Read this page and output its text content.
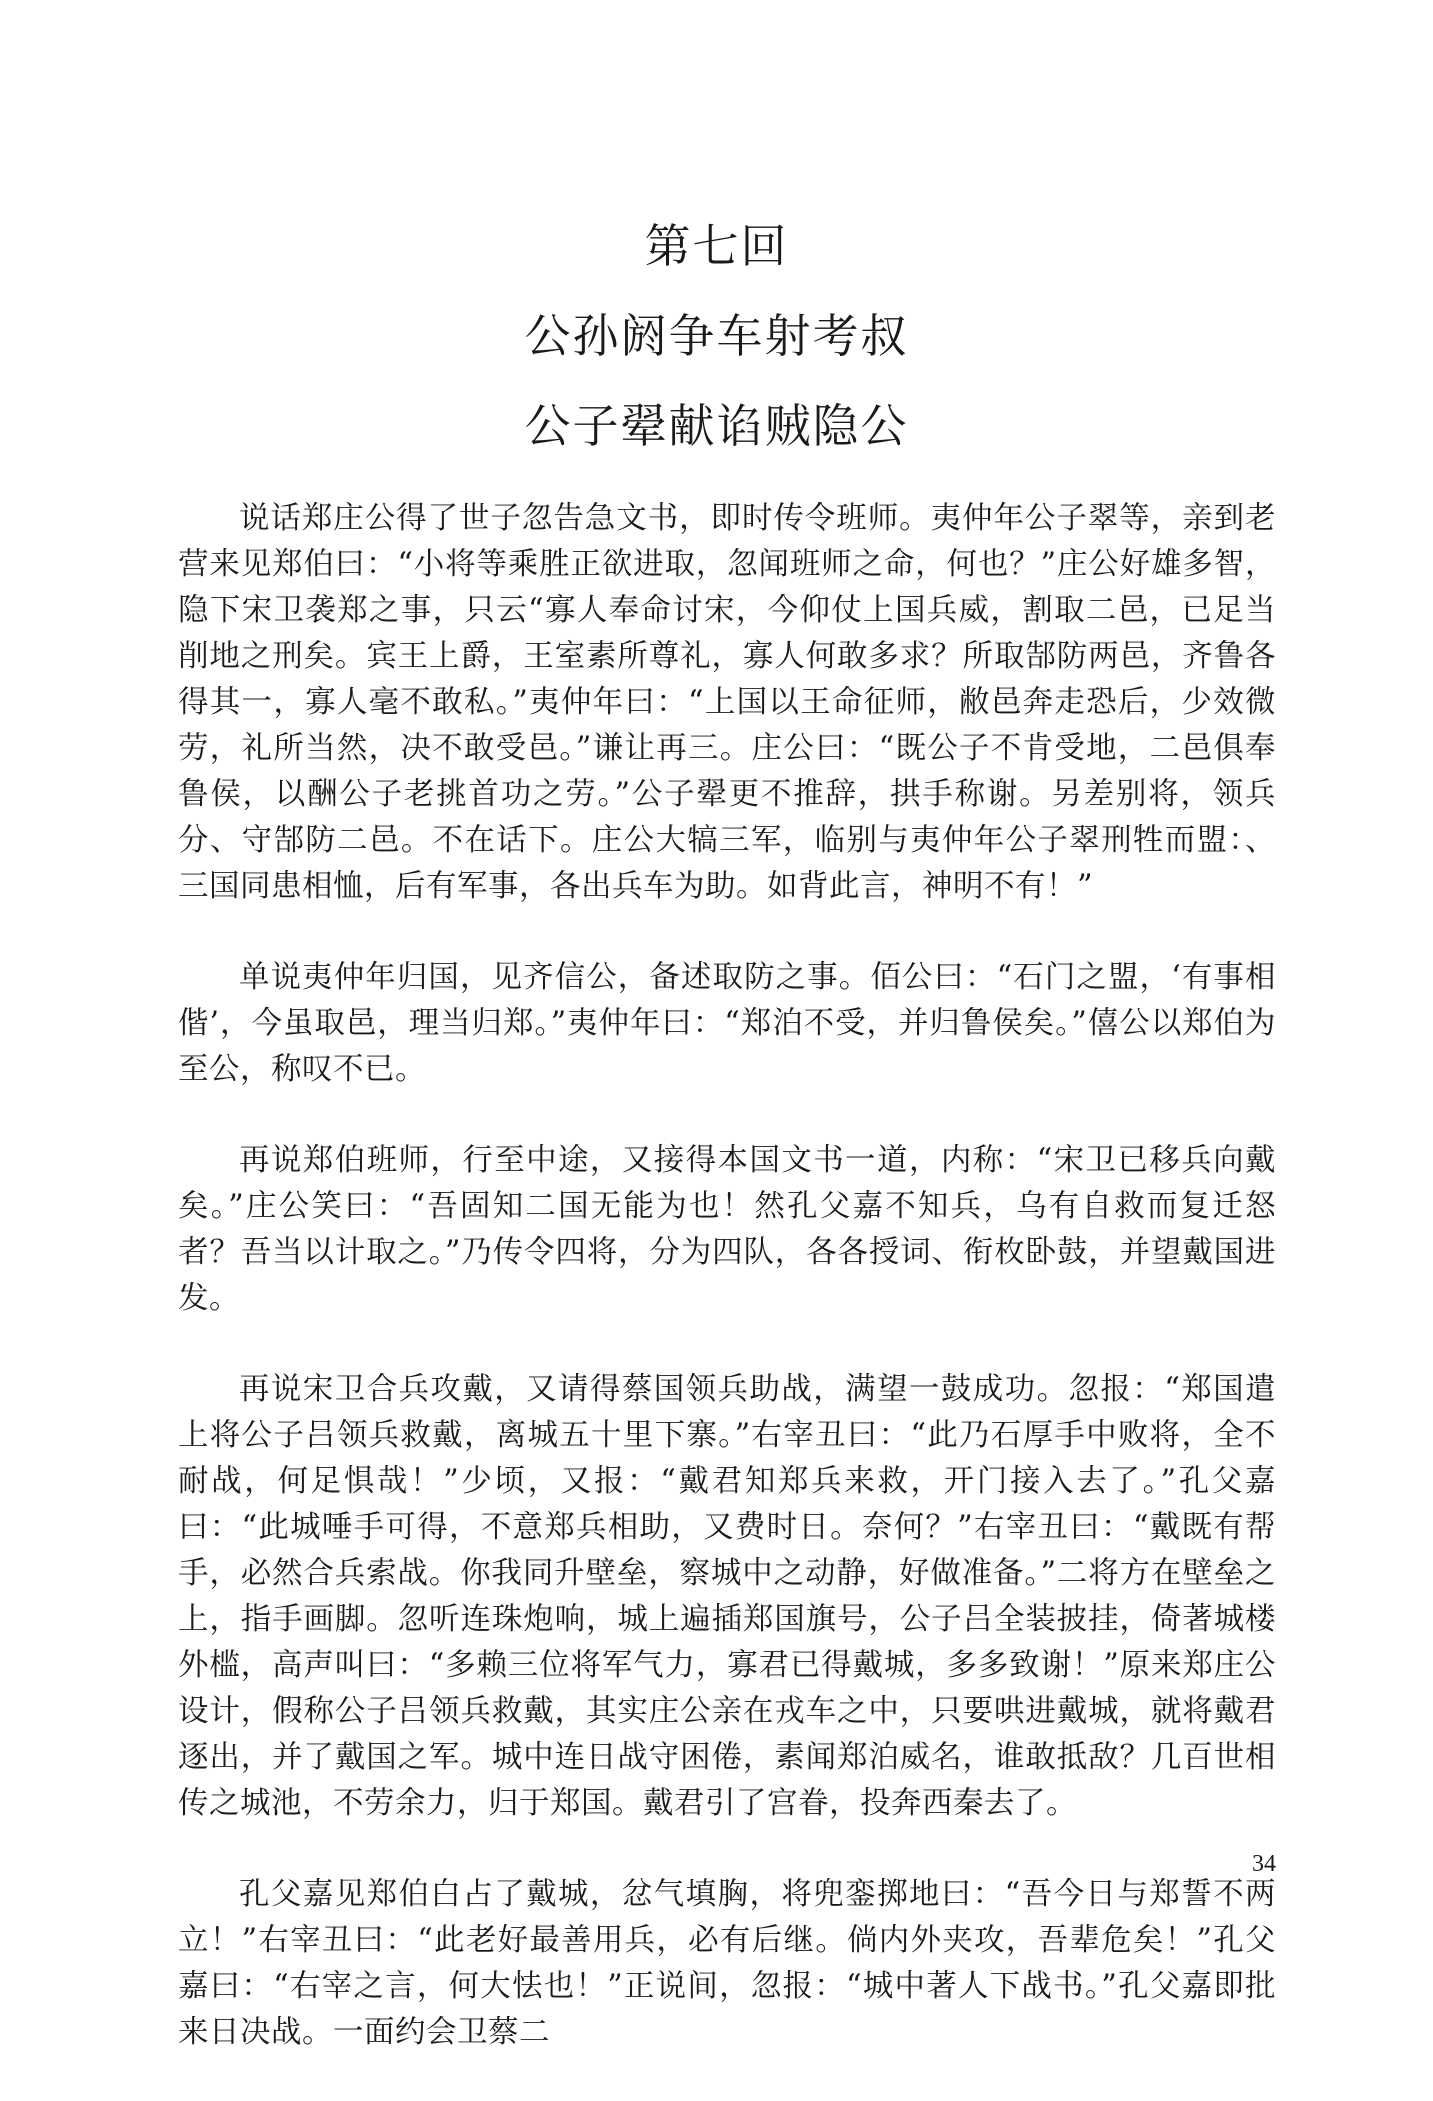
第七回
公孙阏争车射考叔
公子翚献谄贼隐公

说话郑庄公得了世子忽告急文书，即时传令班师。夷仲年公子翠等，亲到老营来见郑伯曰：“小将等乘胜正欲进取，忽闻班师之命，何也？”庄公好雄多智，隐下宋卫袭郑之事，只云“寡人奉命讨宋，今仰仗上国兵威，割取二邑，已足当削地之刑矣。宾王上爵，王室素所尊礼，寡人何敢多求？所取郜防两邑，齐鲁各得其一，寡人毫不敢私。”夷仲年曰：“上国以王命征师，敝邑奔走恐后，少效微劳，礼所当然，决不敢受邑。”谦让再三。庄公曰：“既公子不肯受地，二邑俱奉鲁侯，以酬公子老挑首功之劳。”公子翚更不推辞，拱手称谢。另差别将，领兵分、守郜防二邑。不在话下。庄公大犒三军，临别与夷仲年公子翠刑牲而盟：、三国同患相恤，后有军事，各出兵车为助。如背此言，神明不有！”

单说夷仲年归国，见齐信公，备述取防之事。佰公曰：“石门之盟，‘有事相偕’，今虽取邑，理当归郑。”夷仲年曰：“郑泊不受，并归鲁侯矣。”僖公以郑伯为至公，称叹不已。

再说郑伯班师，行至中途，又接得本国文书一道，内称：“宋卫已移兵向戴矣。”庄公笑曰：“吾固知二国无能为也！然孔父嘉不知兵，乌有自救而复迁怒者？吾当以计取之。”乃传令四将，分为四队，各各授词、衔枚卧鼓，并望戴国进发。

再说宋卫合兵攻戴，又请得蔡国领兵助战，满望一鼓成功。忽报：“郑国遣上将公子吕领兵救戴，离城五十里下寨。”右宰丑曰：“此乃石厚手中败将，全不耐战，何足惧哉！”少顷，又报：“戴君知郑兵来救，开门接入去了。”孔父嘉曰：“此城唾手可得，不意郑兵相助，又费时日。奈何？”右宰丑曰：“戴既有帮手，必然合兵索战。你我同升壁垒，察城中之动静，好做准备。”二将方在壁垒之上，指手画脚。忽听连珠炮响，城上遍插郑国旗号，公子吕全装披挂，倚著城楼外槛，高声叫曰：“多赖三位将军气力，寡君已得戴城，多多致谢！”原来郑庄公设计，假称公子吕领兵救戴，其实庄公亲在戎车之中，只要哄进戴城，就将戴君逐出，并了戴国之军。城中连日战守困倦，素闻郑泊威名，谁敢抵敌？几百世相传之城池，不劳余力，归于郑国。戴君引了宫眷，投奔西秦去了。

孔父嘉见郑伯白占了戴城，忿气填胸，将兜銮掷地曰：“吾今日与郑誓不两立！”右宰丑曰：“此老好最善用兵，必有后继。倘内外夹攻，吾辈危矣！”孔父嘉曰：“右宰之言，何大怯也！”正说间，忽报：“城中著人下战书。”孔父嘉即批来日决战。一面约会卫蔡二

34
